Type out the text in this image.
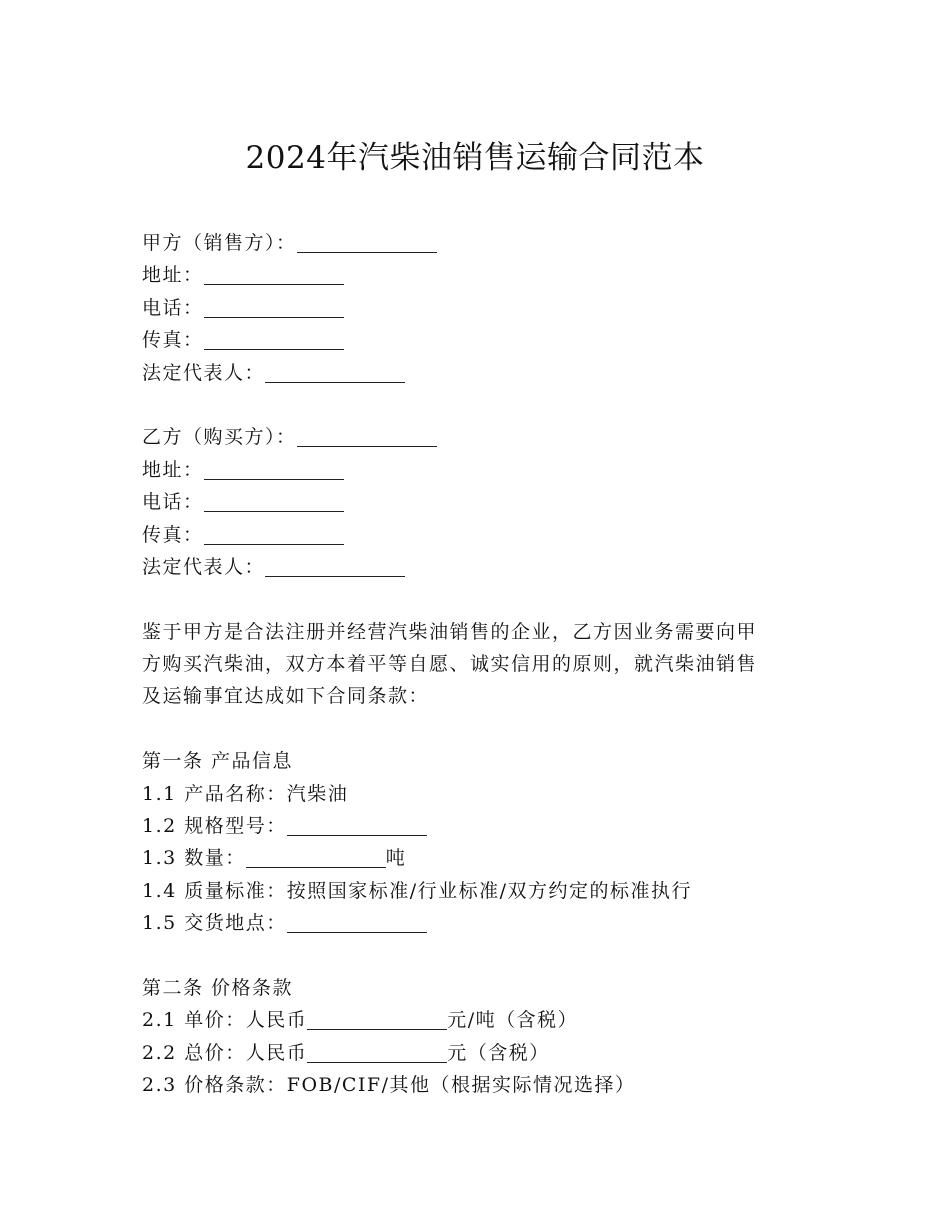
2024年汽柴油销售运输合同范本
甲方（销售方）：
地址：
电话：
传真：
法定代表人：
乙方（购买方）：
地址：
电话：
传真：
法定代表人：
鉴于甲方是合法注册并经营汽柴油销售的企业，乙方因业务需要向甲
方购买汽柴油，双方本着平等自愿、诚实信用的原则，就汽柴油销售
及运输事宜达成如下合同条款：
第一条 产品信息
1.1 产品名称：汽柴油
1.2 规格型号：
1.3 数量：	吨
1.4 质量标准：按照国家标准/行业标准/双方约定的标准执行
1.5 交货地点：
第二条 价格条款
2.1 单价：人民币	元/吨（含税）
2.2 总价：人民币	元（含税）
2.3 价格条款：FOB/CIF/其他（根据实际情况选择）
